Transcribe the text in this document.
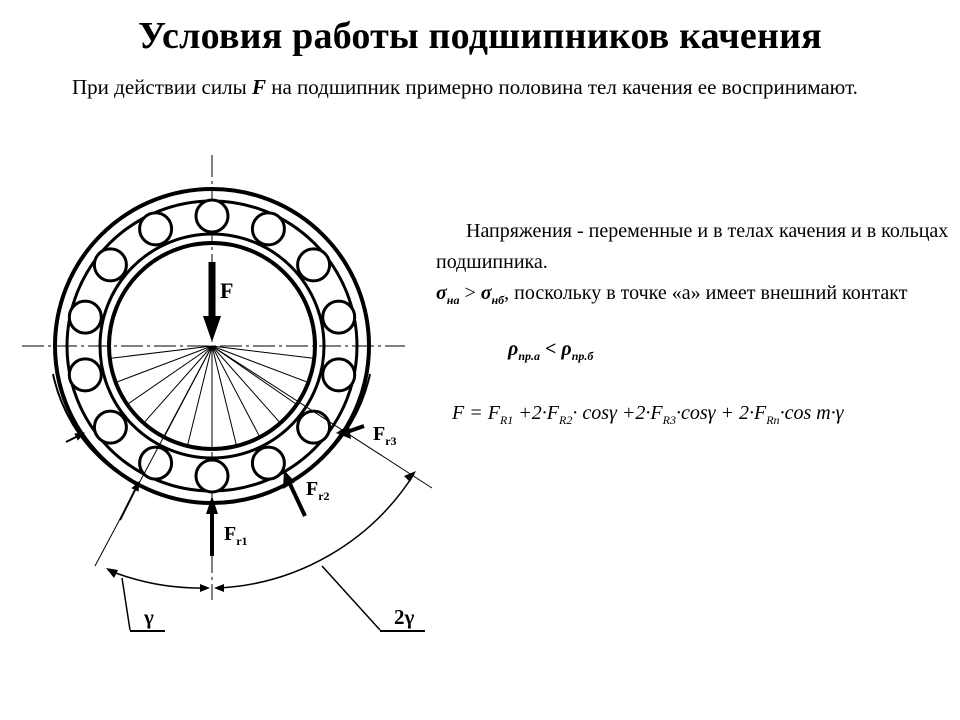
Условия работы подшипников качения
При действии силы F на подшипник примерно половина тел качения ее воспринимают.
Напряжения - переменные и в телах качения и в кольцах подшипника.
$\sigma_{на} > \sigma_{нб}$, поскольку в точке «а» имеет внешний контакт
$\rho_{пр.а} < \rho_{пр.б}$
$F = F_{R1} +2\cdot F_{R2}\cdot \cos\gamma +2\cdot F_{R3}\cdot\cos\gamma + 2\cdot F_{Rn}\cdot\cos$ m·γ
F
$F_{r1}$
$F_{r2}$
$F_{r3}$
γ	2γ
